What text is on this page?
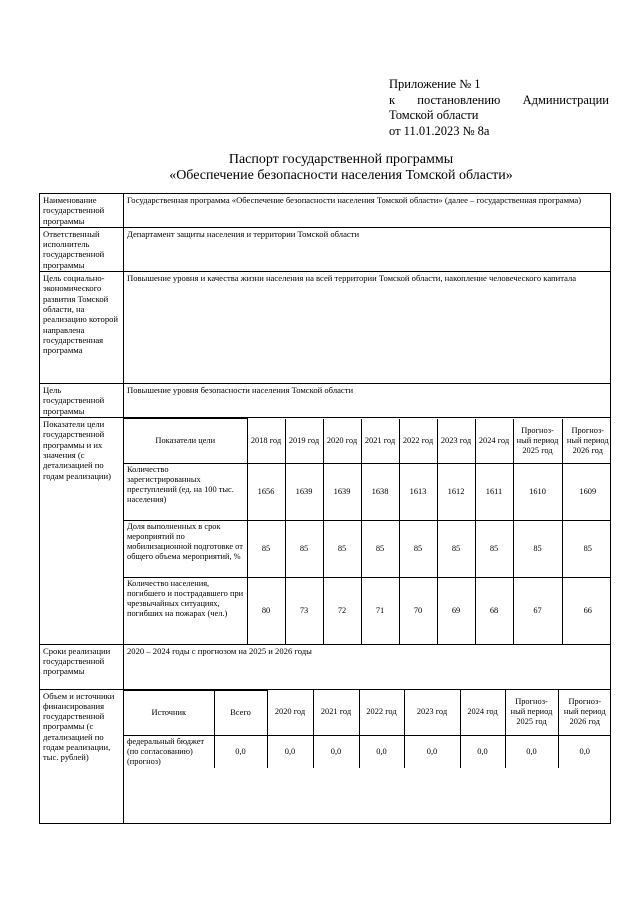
Приложение № 1
к постановлению Администрации
Томской области
от 11.01.2023 № 8а
Паспорт государственной программы
«Обеспечение безопасности населения Томской области»
Наименование государственной программы	Государственная программа «Обеспечение безопасности населения Томской области» (далее – государственная программа)
Ответственный исполнитель государственной программы	Департамент защиты населения и территории Томской области
Цель социально-экономического развития Томской области, на реализацию которой направлена государственная программа	Повышение уровня и качества жизни населения на всей территории Томской области, накопление человеческого капитала
Цель государственной программы	Повышение уровня безопасности населения Томской области
Показатели цели государственной программы и их значения (с детализацией по годам реализации)	
Показатели цели	2018 год	2019 год	2020 год	2021 год	2022 год	2023 год	2024 год	Прогноз-ный период 2025 год	Прогноз-ный период 2026 год
Количество зарегистрированных преступлений (ед. на 100 тыс. населения)	1656	1639	1639	1638	1613	1612	1611	1610	1609
Доля выполненных в срок мероприятий по мобилизационной подготовке от общего объема мероприятий, %	85	85	85	85	85	85	85	85	85
Количество населения, погибшего и пострадавшего при чрезвычайных ситуациях, погибших на пожарах (чел.)	80	73	72	71	70	69	68	67	66

Сроки реализации государственной программы	2020 – 2024 годы с прогнозом на 2025 и 2026 годы
Объем и источники финансирования государственной программы (с детализацией по годам реализации, тыс. рублей)	
Источник	Всего	2020 год	2021 год	2022 год	2023 год	2024 год	Прогноз-ный период 2025 год	Прогноз-ный период 2026 год
федеральный бюджет (по согласованию) (прогноз)	0,0	0,0	0,0	0,0	0,0	0,0	0,0	0,0
